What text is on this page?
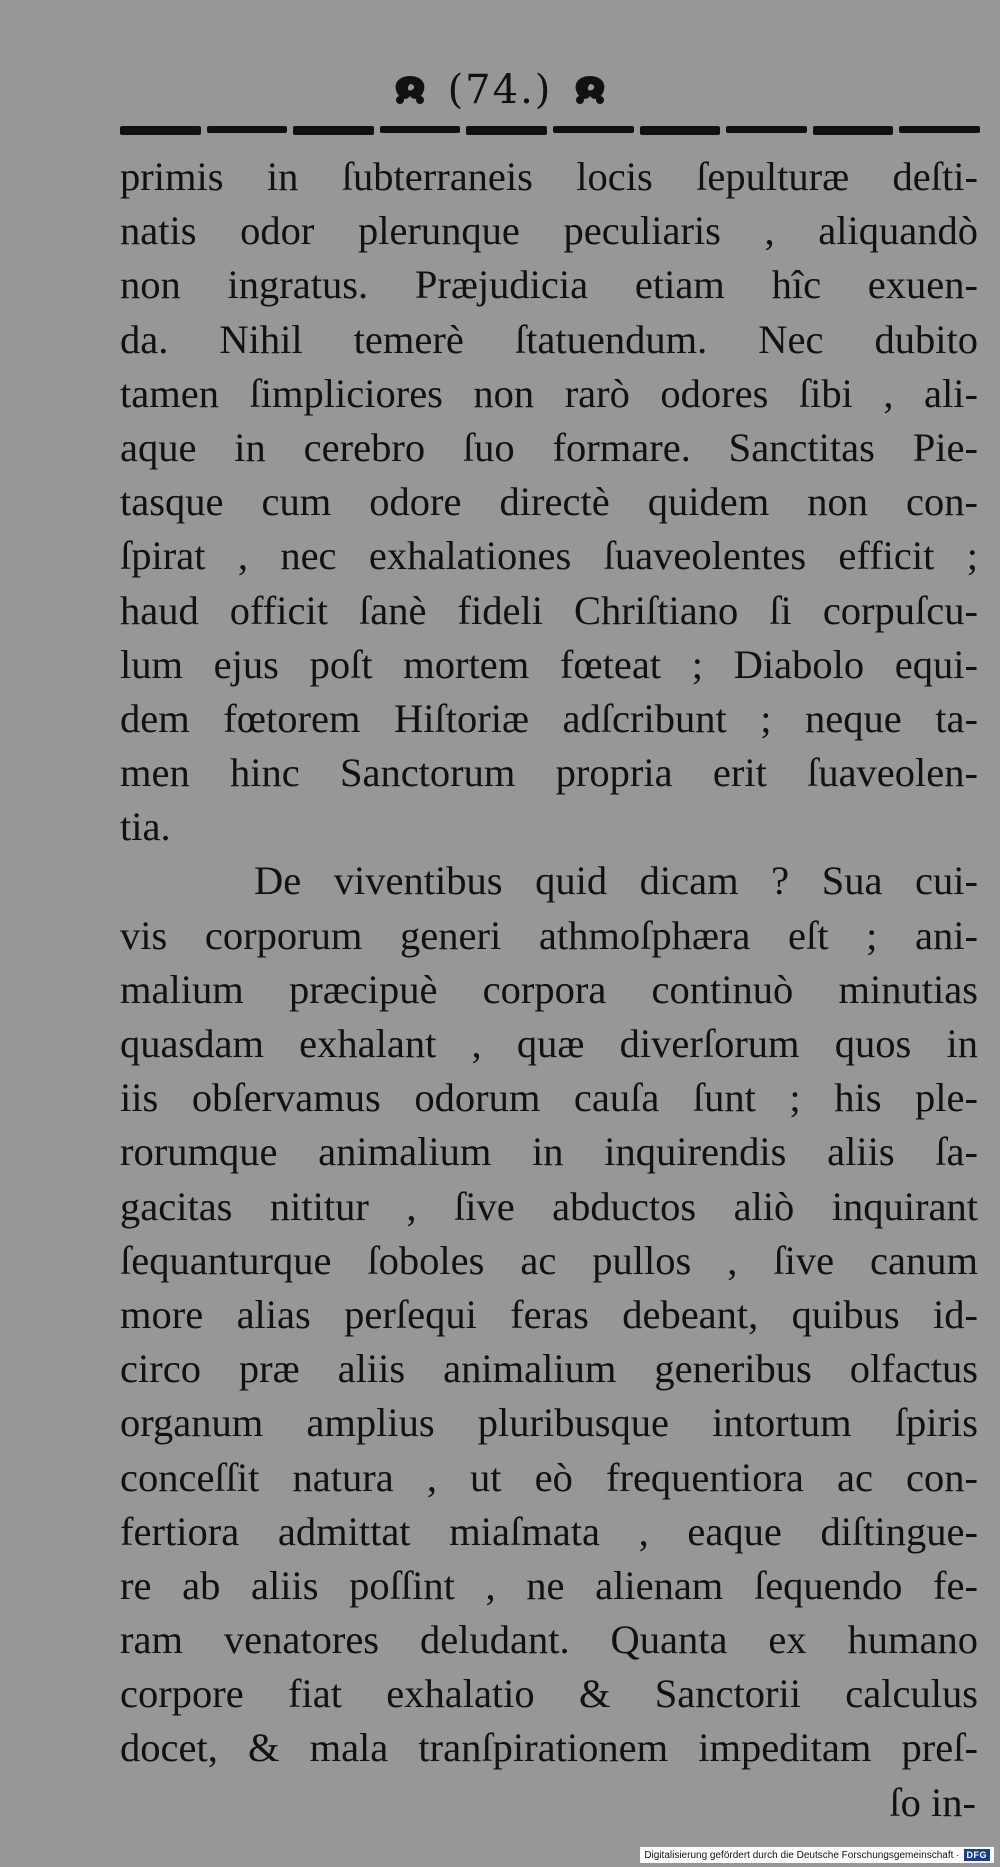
(74.)
primis in ſubterraneis locis ſepulturæ deſti-
natis odor plerunque peculiaris , aliquandò
non ingratus. Præjudicia etiam hîc exuen-
da. Nihil temerè ſtatuendum. Nec dubito
tamen ſimpliciores non rarò odores ſibi , ali-
aque in cerebro ſuo formare. Sanctitas Pie-
tasque cum odore directè quidem non con-
ſpirat , nec exhalationes ſuaveolentes efficit ;
haud officit ſanè fideli Chriſtiano ſi corpuſcu-
lum ejus poſt mortem fœteat ; Diabolo equi-
dem fœtorem Hiſtoriæ adſcribunt ; neque ta-
men hinc Sanctorum propria erit ſuaveolen-
tia.
De viventibus quid dicam ? Sua cui-
vis corporum generi athmoſphæra eſt ; ani-
malium præcipuè corpora continuò minutias
quasdam exhalant , quæ diverſorum quos in
iis obſervamus odorum cauſa ſunt ; his ple-
rorumque animalium in inquirendis aliis ſa-
gacitas nititur , ſive abductos aliò inquirant
ſequanturque ſoboles ac pullos , ſive canum
more alias perſequi feras debeant, quibus id-
circo præ aliis animalium generibus olfactus
organum amplius pluribusque intortum ſpiris
conceſſit natura , ut eò frequentiora ac con-
fertiora admittat miaſmata , eaque diſtingue-
re ab aliis poſſint , ne alienam ſequendo fe-
ram venatores deludant. Quanta ex humano
corpore fiat exhalatio & Sanctorii calculus
docet, & mala tranſpirationem impeditam preſ-
ſo in-
Digitalisierung gefördert durch die Deutsche Forschungsgemeinschaft · DFG
